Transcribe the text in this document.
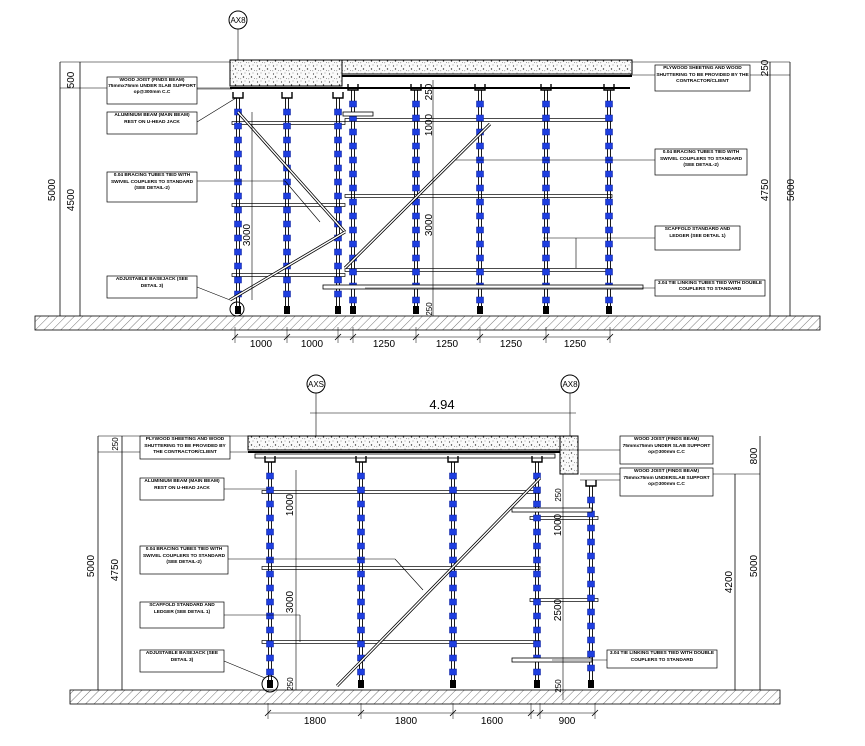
AX8
500
4500
5000
250
4750 5000
3000
250
1000
3000
250
1000	1000	1250	1250	1250	1250
WOOD JOIST (FINDS BEAM) 75mmx75mm UNDER SLAB SUPPORT op@300mm C.C
ALUMINIUM BEAM (MAIN BEAM) REST ON U-HEAD JACK
0.04 BRACING TUBES TIED WITH SWIVEL COUPLERS TO STANDARD (SEE DETAIL-2)
ADJUSTABLE BASEJACK (SEE DETAIL 3)
PLYWOOD SHEETING AND WOOD SHUTTERING TO BE PROVIDED BY THE CONTRACTOR/CLIENT
0.04 BRACING TUBES TIED WITH SWIVEL COUPLERS TO STANDARD (SEE DETAIL-2)
SCAFFOLD STANDARD AND LEDGER (SEE DETAIL 1)
3.04 TIE LINKING TUBES TIED WITH DOUBLE COUPLERS TO STANDARD
AXS	AX8
4.94
250
4750
5000
800
4200
5000
1000
3000
250
250
1000
2500
250
1800	1800	1600	900
PLYWOOD SHEETING AND WOOD SHUTTERING TO BE PROVIDED BY THE CONTRACTOR/CLIENT
ALUMINIUM BEAM (MAIN BEAM) REST ON U-HEAD JACK
0.04 BRACING TUBES TIED WITH SWIVEL COUPLERS TO STANDARD (SEE DETAIL-2)
SCAFFOLD STANDARD AND LEDGER (SEE DETAIL 1)
ADJUSTABLE BASEJACK (SEE DETAIL 3)
WOOD JOIST (FINDS BEAM) 75mmx75mm UNDER SLAB SUPPORT op@300mm C.C
WOOD JOIST (FINDS BEAM) 75mmx75mm UNDERSLAB SUPPORT op@300mm C.C
3.04 TIE LINKING TUBES TIED WITH DOUBLE COUPLERS TO STANDARD
